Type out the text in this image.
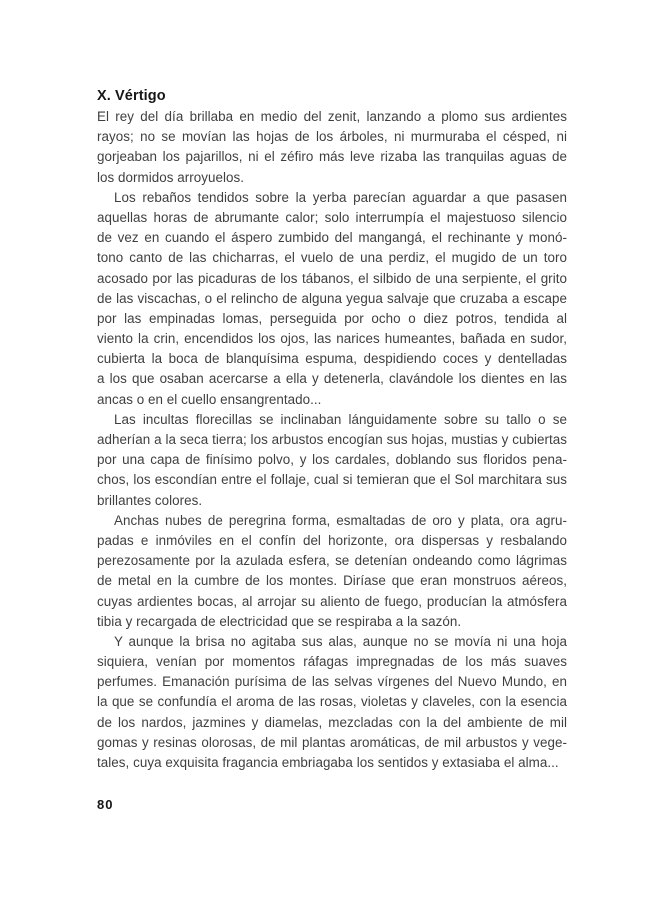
X. Vértigo
El rey del día brillaba en medio del zenit, lanzando a plomo sus ardientes
rayos; no se movían las hojas de los árboles, ni murmuraba el césped, ni
gorjeaban los pajarillos, ni el zéfiro más leve rizaba las tranquilas aguas de
los dormidos arroyuelos.
Los rebaños tendidos sobre la yerba parecían aguardar a que pasasen
aquellas horas de abrumante calor; solo interrumpía el majestuoso silencio
de vez en cuando el áspero zumbido del mangangá, el rechinante y monó-
tono canto de las chicharras, el vuelo de una perdiz, el mugido de un toro
acosado por las picaduras de los tábanos, el silbido de una serpiente, el grito
de las viscachas, o el relincho de alguna yegua salvaje que cruzaba a escape
por las empinadas lomas, perseguida por ocho o diez potros, tendida al
viento la crin, encendidos los ojos, las narices humeantes, bañada en sudor,
cubierta la boca de blanquísima espuma, despidiendo coces y dentelladas
a los que osaban acercarse a ella y detenerla, clavándole los dientes en las
ancas o en el cuello ensangrentado...
Las incultas florecillas se inclinaban lánguidamente sobre su tallo o se
adherían a la seca tierra; los arbustos encogían sus hojas, mustias y cubiertas
por una capa de finísimo polvo, y los cardales, doblando sus floridos pena-
chos, los escondían entre el follaje, cual si temieran que el Sol marchitara sus
brillantes colores.
Anchas nubes de peregrina forma, esmaltadas de oro y plata, ora agru-
padas e inmóviles en el confín del horizonte, ora dispersas y resbalando
perezosamente por la azulada esfera, se detenían ondeando como lágrimas
de metal en la cumbre de los montes. Diríase que eran monstruos aéreos,
cuyas ardientes bocas, al arrojar su aliento de fuego, producían la atmósfera
tibia y recargada de electricidad que se respiraba a la sazón.
Y aunque la brisa no agitaba sus alas, aunque no se movía ni una hoja
siquiera, venían por momentos ráfagas impregnadas de los más suaves
perfumes. Emanación purísima de las selvas vírgenes del Nuevo Mundo, en
la que se confundía el aroma de las rosas, violetas y claveles, con la esencia
de los nardos, jazmines y diamelas, mezcladas con la del ambiente de mil
gomas y resinas olorosas, de mil plantas aromáticas, de mil arbustos y vege-
tales, cuya exquisita fragancia embriagaba los sentidos y extasiaba el alma...
80
